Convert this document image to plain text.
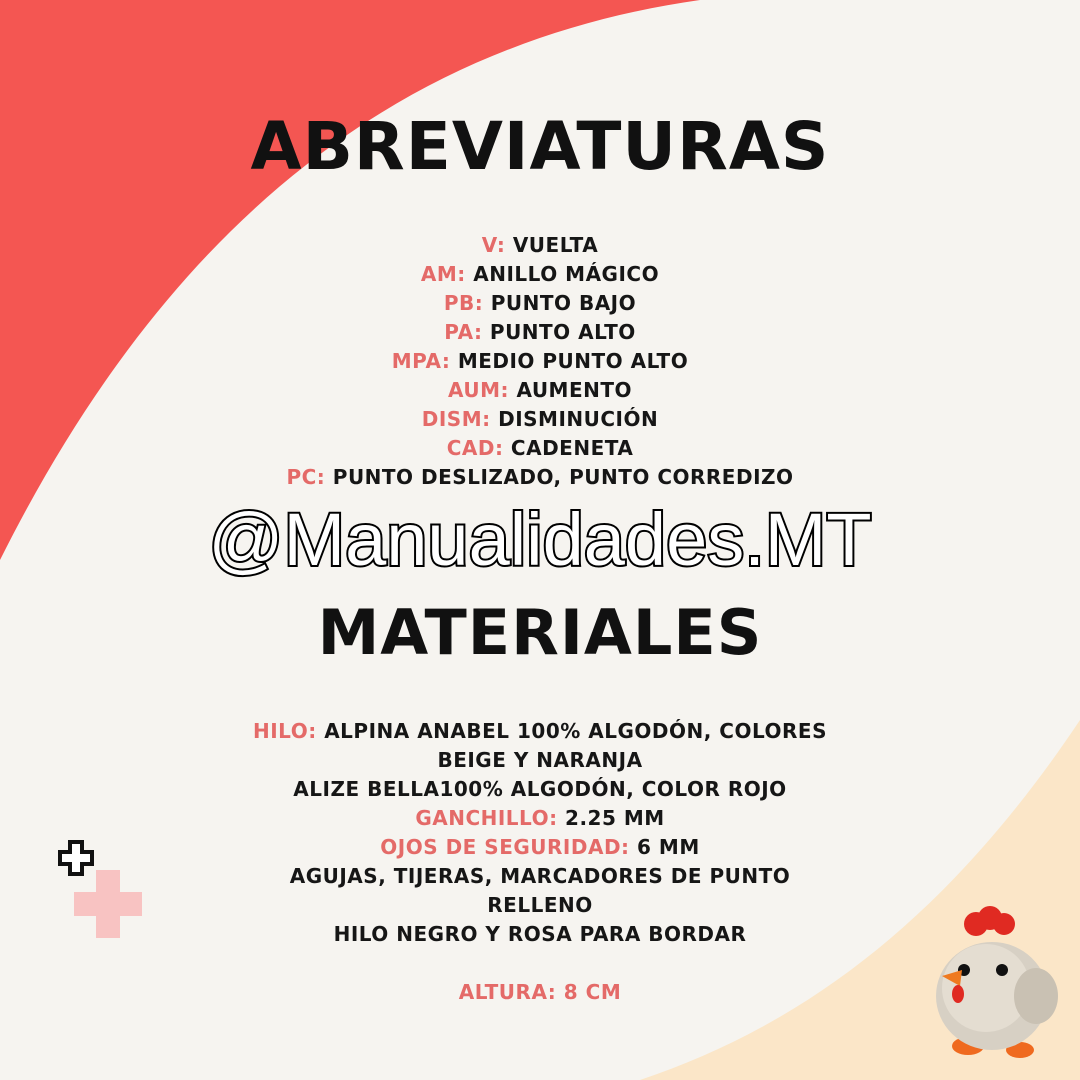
ABREVIATURAS
V: VUELTA
AM: ANILLO MÁGICO
PB: PUNTO BAJO
PA: PUNTO ALTO
MPA: MEDIO PUNTO ALTO
AUM: AUMENTO
DISM: DISMINUCIÓN
CAD: CADENETA
PC: PUNTO DESLIZADO, PUNTO CORREDIZO
@Manualidades.MT
MATERIALES
HILO: ALPINA ANABEL 100% ALGODÓN, COLORES
BEIGE Y NARANJA
ALIZE BELLA100% ALGODÓN, COLOR ROJO
GANCHILLO: 2.25 MM
OJOS DE SEGURIDAD: 6 MM
AGUJAS, TIJERAS, MARCADORES DE PUNTO
RELLENO
HILO NEGRO Y ROSA PARA BORDAR
ALTURA: 8 CM
